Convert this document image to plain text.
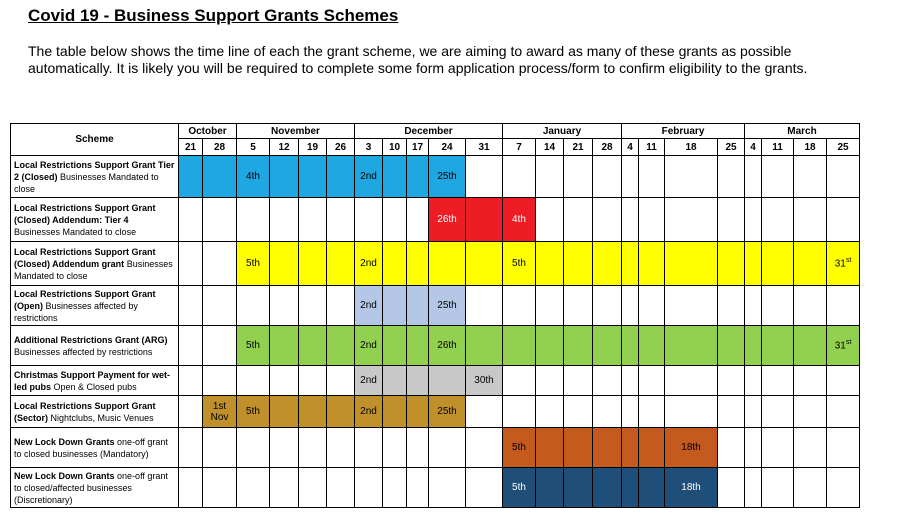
Covid 19 - Business Support Grants Schemes
The table below shows the time line of each the grant scheme, we are aiming to award as many of these grants as possible automatically. It is likely you will be required to complete some form application process/form to confirm eligibility to the grants.
Scheme	October		November				December					January				February				March			
	21	28	5	12	19	26	3	10	17	24	31	7	14	21	28	4	11	18	25	4	11	18	25
Local Restrictions Support Grant Tier 2 (Closed) Businesses Mandated to close			4th				2nd			25th													
Local Restrictions Support Grant (Closed) Addendum: Tier 4 Businesses Mandated to close										26th		4th											
Local Restrictions Support Grant (Closed) Addendum grant Businesses Mandated to close			5th				2nd					5th											31st
Local Restrictions Support Grant (Open) Businesses affected by restrictions							2nd			25th													
Additional Restrictions Grant (ARG) Businesses affected by restrictions			5th				2nd			26th													31st
Christmas Support Payment for wet-led pubs Open & Closed pubs							2nd				30th												
Local Restrictions Support Grant (Sector) Nightclubs, Music Venues		1st Nov	5th				2nd			25th													
New Lock Down Grants one-off grant to closed businesses (Mandatory)												5th						18th					
New Lock Down Grants one-off grant to closed/affected businesses (Discretionary)												5th						18th					
